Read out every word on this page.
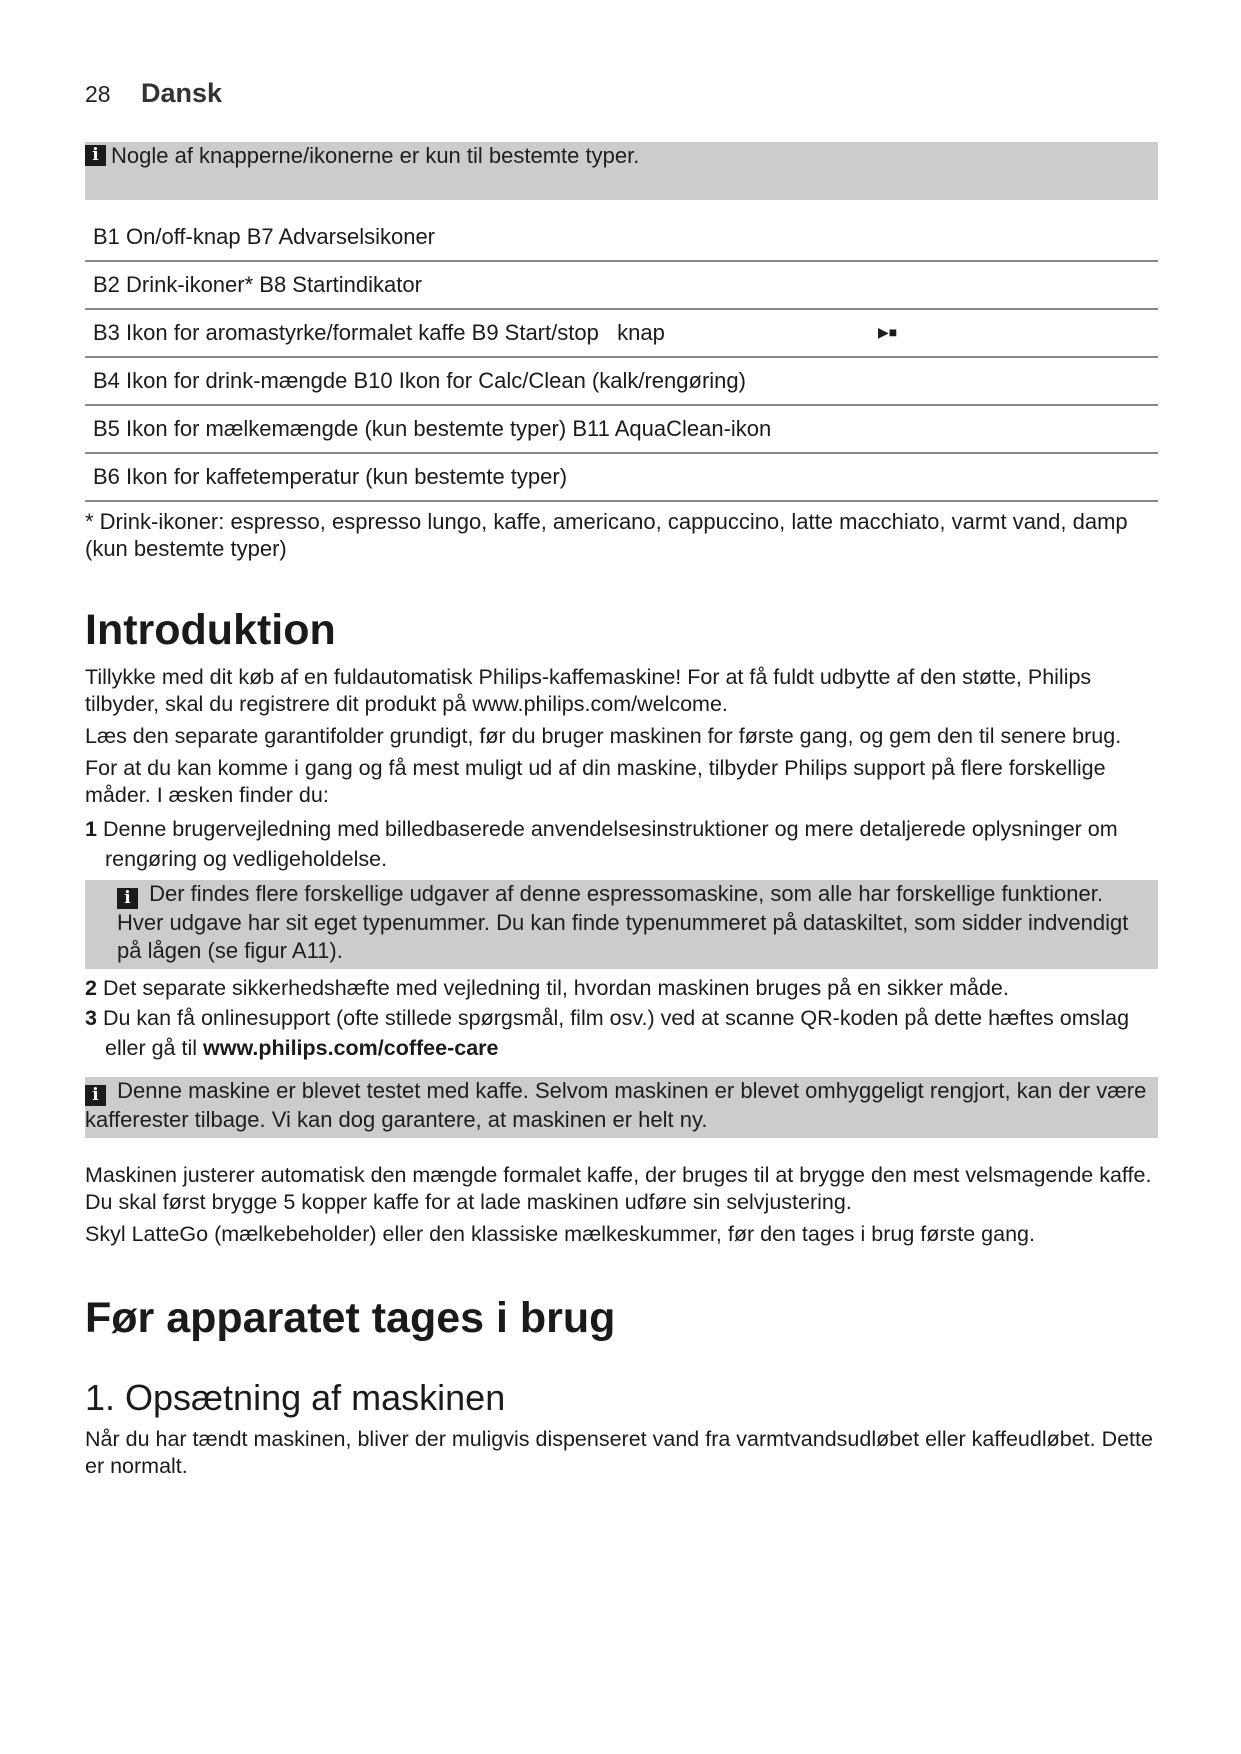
28	Dansk
i Nogle af knapperne/ikonerne er kun til bestemte typer.
B1 On/off-knap B7 Advarselsikoner
B2 Drink-ikoner* B8 Startindikator
B3 Ikon for aromastyrke/formalet kaffe B9 Start/stop   knap	▶■
B4 Ikon for drink-mængde B10 Ikon for Calc/Clean (kalk/rengøring)
B5 Ikon for mælkemængde (kun bestemte typer) B11 AquaClean-ikon
B6 Ikon for kaffetemperatur (kun bestemte typer)
* Drink-ikoner: espresso, espresso lungo, kaffe, americano, cappuccino, latte macchiato, varmt vand, damp (kun bestemte typer)
Introduktion

Tillykke med dit køb af en fuldautomatisk Philips-kaffemaskine! For at få fuldt udbytte af den støtte, Philips tilbyder, skal du registrere dit produkt på www.philips.com/welcome.

Læs den separate garantifolder grundigt, før du bruger maskinen for første gang, og gem den til senere brug.

For at du kan komme i gang og få mest muligt ud af din maskine, tilbyder Philips support på flere forskellige måder. I æsken finder du:

1 Denne brugervejledning med billedbaserede anvendelsesinstruktioner og mere detaljerede oplysninger om rengøring og vedligeholdelse.
i Der findes flere forskellige udgaver af denne espressomaskine, som alle har forskellige funktioner. Hver udgave har sit eget typenummer. Du kan finde typenummeret på dataskiltet, som sidder indvendigt på lågen (se figur A11).
2 Det separate sikkerhedshæfte med vejledning til, hvordan maskinen bruges på en sikker måde.
3 Du kan få onlinesupport (ofte stillede spørgsmål, film osv.) ved at scanne QR-koden på dette hæftes omslag eller gå til www.philips.com/coffee-care
i Denne maskine er blevet testet med kaffe. Selvom maskinen er blevet omhyggeligt rengjort, kan der være kafferester tilbage. Vi kan dog garantere, at maskinen er helt ny.

Maskinen justerer automatisk den mængde formalet kaffe, der bruges til at brygge den mest velsmagende kaffe. Du skal først brygge 5 kopper kaffe for at lade maskinen udføre sin selvjustering.

Skyl LatteGo (mælkebeholder) eller den klassiske mælkeskummer, før den tages i brug første gang.

Før apparatet tages i brug
1. Opsætning af maskinen

Når du har tændt maskinen, bliver der muligvis dispenseret vand fra varmtvandsudløbet eller kaffeudløbet. Dette er normalt.
